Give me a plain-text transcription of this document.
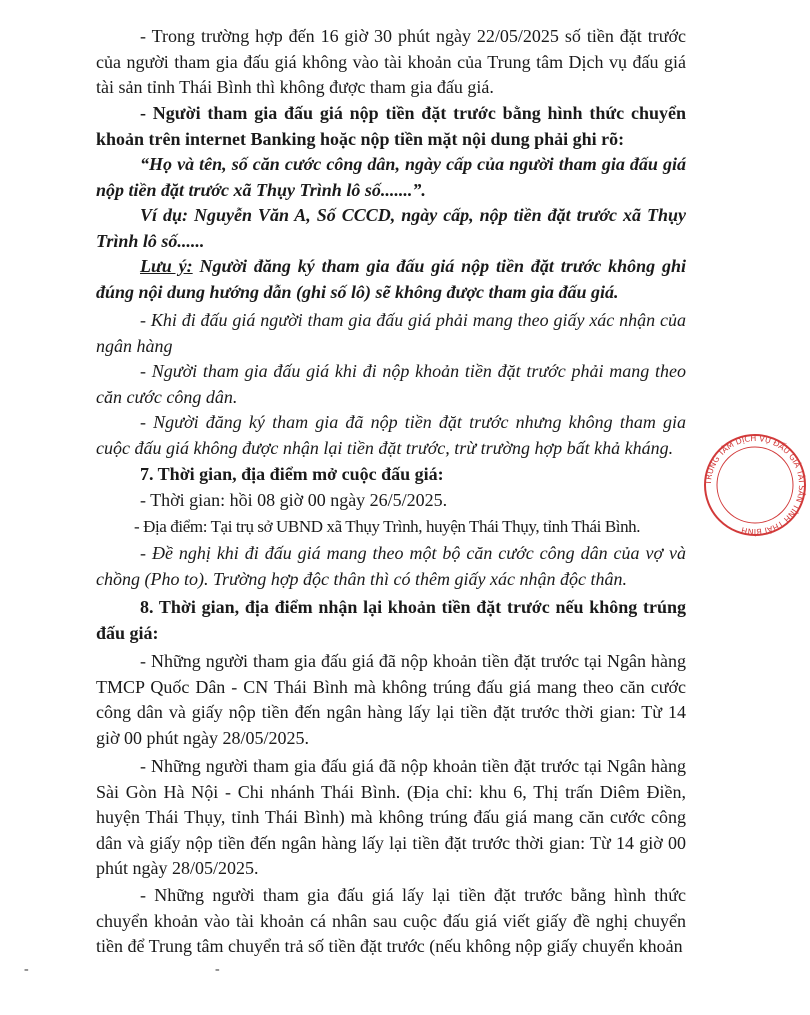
- Trong trường hợp đến 16 giờ 30 phút ngày 22/05/2025 số tiền đặt trước của người tham gia đấu giá không vào tài khoản của Trung tâm Dịch vụ đấu giá tài sản tỉnh Thái Bình thì không được tham gia đấu giá.

- Người tham gia đấu giá nộp tiền đặt trước bằng hình thức chuyển khoản trên internet Banking hoặc nộp tiền mặt nội dung phải ghi rõ:

“Họ và tên, số căn cước công dân, ngày cấp của người tham gia đấu giá nộp tiền đặt trước xã Thụy Trình lô số.......”.

Ví dụ: Nguyễn Văn A, Số CCCD, ngày cấp, nộp tiền đặt trước xã Thụy Trình lô số......

Lưu ý: Người đăng ký tham gia đấu giá nộp tiền đặt trước không ghi đúng nội dung hướng dẫn (ghi số lô) sẽ không được tham gia đấu giá.

- Khi đi đấu giá người tham gia đấu giá phải mang theo giấy xác nhận của ngân hàng

- Người tham gia đấu giá khi đi nộp khoản tiền đặt trước phải mang theo căn cước công dân.

- Người đăng ký tham gia đã nộp tiền đặt trước nhưng không tham gia cuộc đấu giá không được nhận lại tiền đặt trước, trừ trường hợp bất khả kháng.

7. Thời gian, địa điểm mở cuộc đấu giá:

- Thời gian: hồi 08 giờ 00 ngày 26/5/2025.

- Địa điểm: Tại trụ sở UBND xã Thụy Trình, huyện Thái Thụy, tỉnh Thái Bình.

- Đề nghị khi đi đấu giá mang theo một bộ căn cước công dân của vợ và chồng (Pho to). Trường hợp độc thân thì có thêm giấy xác nhận độc thân.

8. Thời gian, địa điểm nhận lại khoản tiền đặt trước nếu không trúng đấu giá:

- Những người tham gia đấu giá đã nộp khoản tiền đặt trước tại Ngân hàng TMCP Quốc Dân - CN Thái Bình mà không trúng đấu giá mang theo căn cước công dân và giấy nộp tiền đến ngân hàng lấy lại tiền đặt trước thời gian: Từ 14 giờ 00 phút ngày 28/05/2025.

- Những người tham gia đấu giá đã nộp khoản tiền đặt trước tại Ngân hàng Sài Gòn Hà Nội - Chi nhánh Thái Bình. (Địa chỉ: khu 6, Thị trấn Diêm Điền, huyện Thái Thụy, tỉnh Thái Bình) mà không trúng đấu giá mang căn cước công dân và giấy nộp tiền đến ngân hàng lấy lại tiền đặt trước thời gian: Từ 14 giờ 00 phút ngày 28/05/2025.

- Những người tham gia đấu giá lấy lại tiền đặt trước bằng hình thức chuyển khoản vào tài khoản cá nhân sau cuộc đấu giá viết giấy đề nghị chuyển tiền để Trung tâm chuyển trả số tiền đặt trước (nếu không nộp giấy chuyển khoản

TRUNG TÂM DỊCH VỤ ĐẤU GIÁ TÀI SẢN TỈNH THÁI BÌNH
-	-
